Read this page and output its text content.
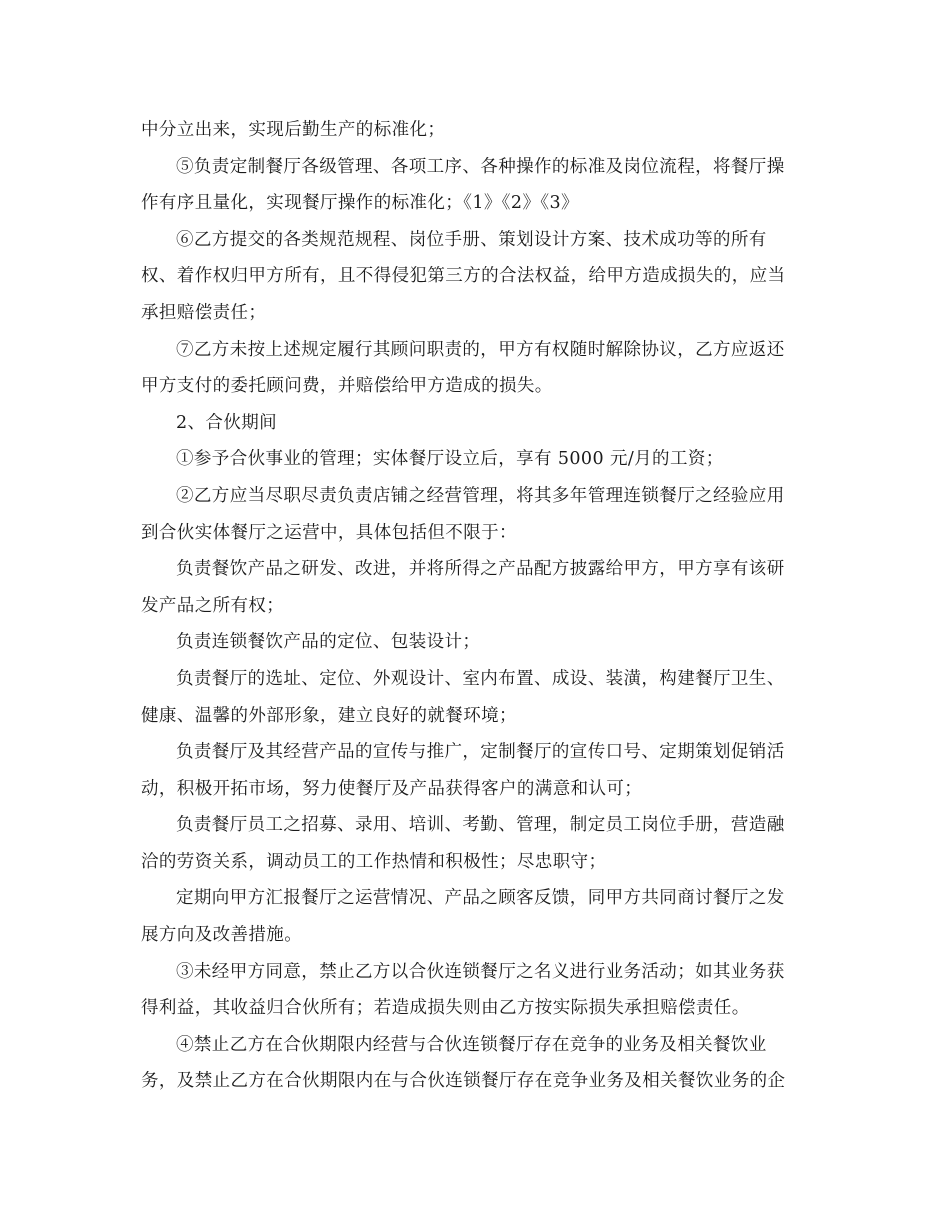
中分立出来，实现后勤生产的标准化；
⑤负责定制餐厅各级管理、各项工序、各种操作的标准及岗位流程，将餐厅操
作有序且量化，实现餐厅操作的标准化；《1》《2》《3》
⑥乙方提交的各类规范规程、岗位手册、策划设计方案、技术成功等的所有
权、着作权归甲方所有，且不得侵犯第三方的合法权益，给甲方造成损失的，应当
承担赔偿责任；
⑦乙方未按上述规定履行其顾问职责的，甲方有权随时解除协议，乙方应返还
甲方支付的委托顾问费，并赔偿给甲方造成的损失。
2、合伙期间
①参予合伙事业的管理；实体餐厅设立后，享有 5000 元/月的工资；
②乙方应当尽职尽责负责店铺之经营管理，将其多年管理连锁餐厅之经验应用
到合伙实体餐厅之运营中，具体包括但不限于：
负责餐饮产品之研发、改进，并将所得之产品配方披露给甲方，甲方享有该研
发产品之所有权；
负责连锁餐饮产品的定位、包装设计；
负责餐厅的选址、定位、外观设计、室内布置、成设、装潢，构建餐厅卫生、
健康、温馨的外部形象，建立良好的就餐环境；
负责餐厅及其经营产品的宣传与推广，定制餐厅的宣传口号、定期策划促销活
动，积极开拓市场，努力使餐厅及产品获得客户的满意和认可；
负责餐厅员工之招募、录用、培训、考勤、管理，制定员工岗位手册，营造融
洽的劳资关系，调动员工的工作热情和积极性；尽忠职守；
定期向甲方汇报餐厅之运营情况、产品之顾客反馈，同甲方共同商讨餐厅之发
展方向及改善措施。
③未经甲方同意，禁止乙方以合伙连锁餐厅之名义进行业务活动；如其业务获
得利益，其收益归合伙所有；若造成损失则由乙方按实际损失承担赔偿责任。
④禁止乙方在合伙期限内经营与合伙连锁餐厅存在竞争的业务及相关餐饮业
务，及禁止乙方在合伙期限内在与合伙连锁餐厅存在竞争业务及相关餐饮业务的企
